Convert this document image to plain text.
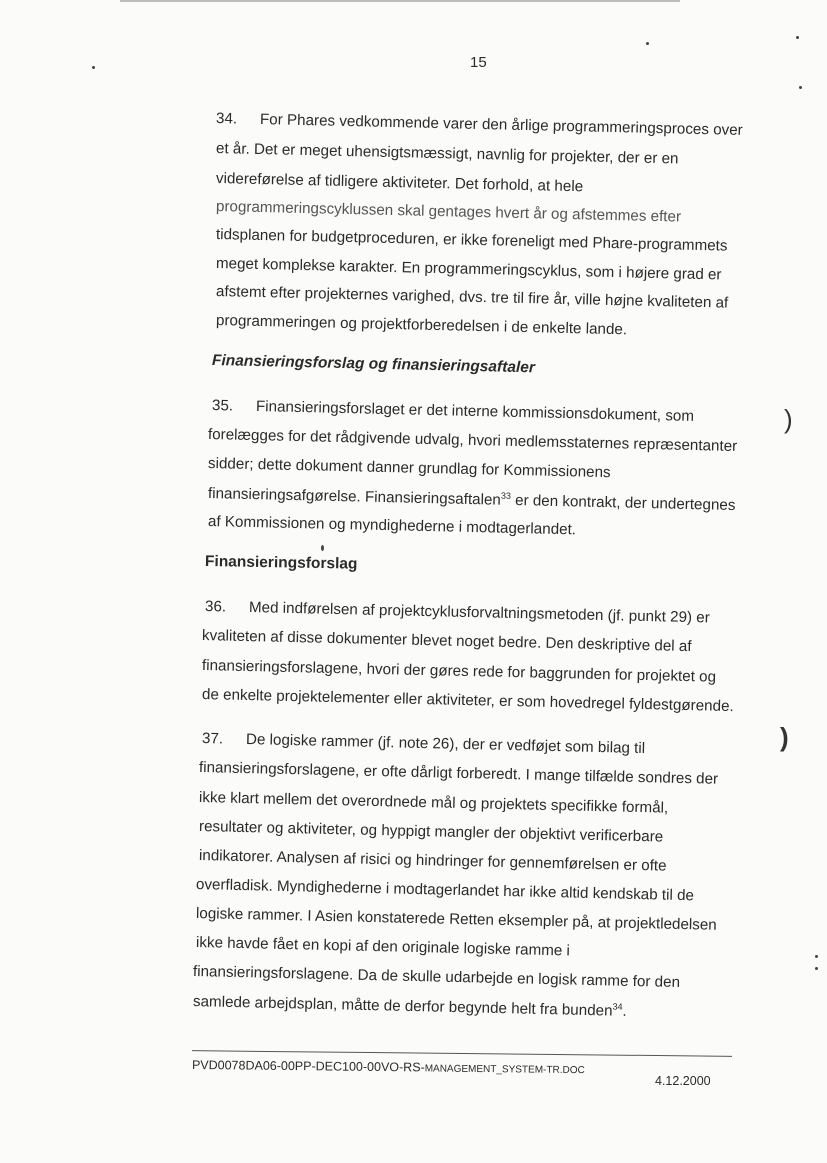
15
34. For Phares vedkommende varer den årlige programmeringsproces over
et år. Det er meget uhensigtsmæssigt, navnlig for projekter, der er en
videreførelse af tidligere aktiviteter. Det forhold, at hele
programmeringscyklussen skal gentages hvert år og afstemmes efter
tidsplanen for budgetproceduren, er ikke foreneligt med Phare-programmets
meget komplekse karakter. En programmeringscyklus, som i højere grad er
afstemt efter projekternes varighed, dvs. tre til fire år, ville højne kvaliteten af
programmeringen og projektforberedelsen i de enkelte lande.
Finansieringsforslag og finansieringsaftaler
35. Finansieringsforslaget er det interne kommissionsdokument, som
forelægges for det rådgivende udvalg, hvori medlemsstaternes repræsentanter
sidder; dette dokument danner grundlag for Kommissionens
finansieringsafgørelse. Finansieringsaftalen$^{33}$ er den kontrakt, der undertegnes
af Kommissionen og myndighederne i modtagerlandet.
Finansieringsforslag
36. Med indførelsen af projektcyklusforvaltningsmetoden (jf. punkt 29) er
kvaliteten af disse dokumenter blevet noget bedre. Den deskriptive del af
finansieringsforslagene, hvori der gøres rede for baggrunden for projektet og
de enkelte projektelementer eller aktiviteter, er som hovedregel fyldestgørende.
37. De logiske rammer (jf. note 26), der er vedføjet som bilag til
finansieringsforslagene, er ofte dårligt forberedt. I mange tilfælde sondres der
ikke klart mellem det overordnede mål og projektets specifikke formål,
resultater og aktiviteter, og hyppigt mangler der objektivt verificerbare
indikatorer. Analysen af risici og hindringer for gennemførelsen er ofte
overfladisk. Myndighederne i modtagerlandet har ikke altid kendskab til de
logiske rammer. I Asien konstaterede Retten eksempler på, at projektledelsen
ikke havde fået en kopi af den originale logiske ramme i
finansieringsforslagene. Da de skulle udarbejde en logisk ramme for den
samlede arbejdsplan, måtte de derfor begynde helt fra bunden$^{34}$.
PVD0078DA06-00PP-DEC100-00VO-RS-MANAGEMENT_SYSTEM-TR.DOC
4.12.2000
)
)
